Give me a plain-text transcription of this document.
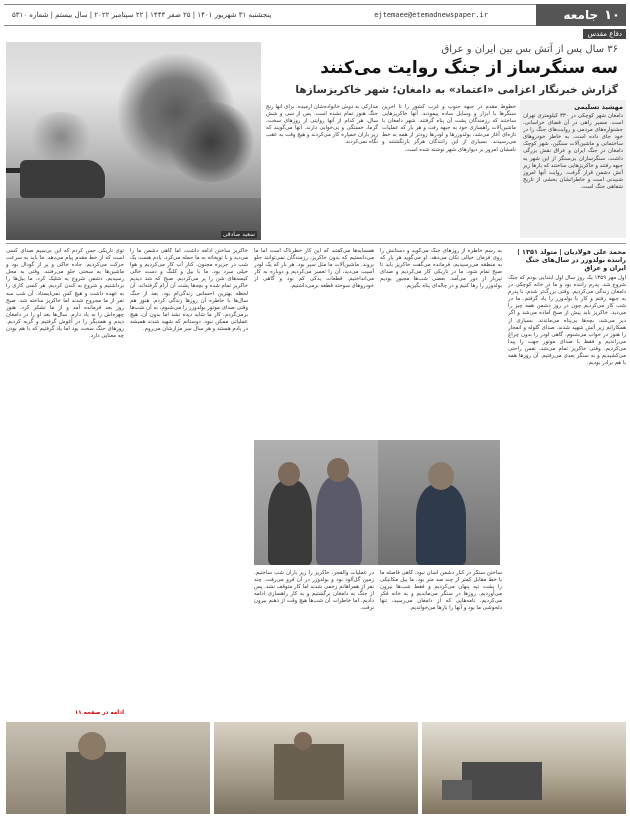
۱۰
جامعه
ejtemaee@etemadnewspaper.ir
پنجشنبه ۳۱ شهریور ۱۴۰۱ | ۲۵ صفر ۱۴۴۴ | ۲۲ سپتامبر ۲۰۲۲ | سال بیستم | شماره ۵۳۱۰
دفاع مقدس
سعید صادقی
۳۶ سال پس از آتش بس بین ایران و عراق
سه سنگرساز از جنگ روایت می‌کنند
گزارش خبرنگار اعزامی «اعتماد» به دامغان؛ شهر خاکریزسازها
مهشید تسلیمی
دامغان شهر کوچکی در ۳۳۰ کیلومتری تهران است. مسیر راهی در آن فضای خراسانی، جشنواره‌های مردمی و روایت‌های جنگ را در خود جای داده است. به خاطر خودروهای ساختمانی و ماشین‌آلات سنگین، شهر کوچک دامغان در جنگ ایران و عراق نقش بزرگی داشت. سنگرسازان بی‌سنگر از این شهر به جبهه رفتند و خاکریزهایی ساختند که بارها زیر آتش دشمن قرار گرفت. روایت آنها امروز شنیدنی است و خاطراتشان بخشی از تاریخ شفاهی جنگ است.
خطوط مقدم در جبهه جنوب و غرب کشور را تا آخرین سنگرها با ابزار و وسایل ساده پیمودند. آنها خاکریزهایی ساختند که رزمندگان پشت آن پناه گرفتند. شهر دامغان با ماشین‌آلات راهسازی خود به جبهه رفت و هر بار که عملیات تازه‌ای آغاز می‌شد، بولدوزرها و لودرها زودتر از همه به خط می‌رسیدند. بسیاری از این رانندگان هرگز بازنگشتند و نامشان امروز بر دیوارهای شهر نوشته شده است.
مدارکی به دوش خانواده‌شان آرمیده. برای آنها رنج جنگ هنوز تمام نشده است. پس از سی و شش سال، هر کدام از آنها روایتی از روزهای سخت، گرما، خستگی و بی‌خوابی دارند. آنها می‌گویند که زیر باران خمپاره کار می‌کردند و هیچ وقت به عقب نگاه نمی‌کردند.
محمد علی فولادیان | متولد ۱۳۵۱ | راننده بولدوزر در سال‌های جنگ ایران و عراق
اول مهر ۱۳۵۹ یک روز سال اول ابتدایی بودم که جنگ شروع شد. پدرم راننده بود و ما در خانه کوچکی در دامغان زندگی می‌کردیم. وقتی بزرگ‌تر شدم، با پدرم به جبهه رفتم و کار با بولدوزر را یاد گرفتم. ما در شب کار می‌کردیم چون در روز دشمن همه چیز را می‌دید. خاکریز باید پیش از صبح آماده می‌شد و اگر دیر می‌شد، بچه‌ها بی‌پناه می‌ماندند. بسیاری از همکارانم زیر آتش شهید شدند. صدای گلوله و انفجار را هنوز در خواب می‌شنوم. گاهی لودر را بدون چراغ می‌راندیم و فقط با صدای موتور جهت را پیدا می‌کردیم. وقتی خاکریز تمام می‌شد، نفس راحتی می‌کشیدیم و به سنگر بعدی می‌رفتیم. آن روزها همه با هم برادر بودیم.
به رسم خاطره از روزهای جنگ می‌گوید و دستانش را روی فرمان خیالی تکان می‌دهد. او می‌گوید هر بار که به منطقه می‌رسیدیم، فرمانده می‌گفت خاکریز باید تا صبح تمام شود. ما در تاریکی کار می‌کردیم و صدای تیربار از دور می‌آمد. بعضی شب‌ها مجبور بودیم بولدوزر را رها کنیم و در چاله‌ای پناه بگیریم.
همسایه‌ها می‌گفتند که این کار خطرناک است اما ما می‌دانستیم که بدون خاکریز، رزمندگان نمی‌توانند جلو بروند. ماشین‌آلات ما مثل سپر بود. هر بار که یک لودر آسیب می‌دید، آن را تعمیر می‌کردیم و دوباره به کار می‌انداختیم. قطعات یدکی کم بود و گاهی از خودروهای سوخته قطعه برمی‌داشتیم.
ساختن سنگر در کنار دشمن آسان نبود. گاهی فاصله ما با خط مقابل کمتر از چند صد متر بود. ما بیل مکانیکی را پشت تپه پنهان می‌کردیم و فقط شب‌ها بیرون می‌آوردیم. روزها در سنگر می‌ماندیم و به خانه فکر می‌کردیم. نامه‌هایی که از دامغان می‌رسید، تنها دلخوشی ما بود و آنها را بارها می‌خواندیم.
در عملیات والفجر، خاکریز را زیر باران شب ساختیم. زمین گل‌آلود بود و بولدوزر در آن فرو می‌رفت. چند نفر از همراهانم زخمی شدند اما کار متوقف نشد. پس از جنگ به دامغان برگشتیم و به کار راهسازی ادامه دادیم. اما خاطرات آن شب‌ها هیچ وقت از ذهنم بیرون نرفت.
خاکریز ساختن ادامه داشت، اما گاهی دشمن ما را می‌دید و با توپخانه به ما حمله می‌کرد. یادم هست یک شب در جزیره مجنون، کنار آب کار می‌کردیم و هوا خیلی سرد بود. ما با بیل و کلنگ و دست خالی کیسه‌های شن را پر می‌کردیم. صبح که شد دیدیم خاکریز تمام شده و بچه‌ها پشت آن آرام گرفته‌اند. آن لحظه بهترین احساس زندگی‌ام بود. بعد از جنگ سال‌ها با خاطره آن روزها زندگی کردم. هنوز هم وقتی صدای موتور بولدوزر را می‌شنوم، به آن شب‌ها برمی‌گردم. کار ما شاید دیده نشد اما بدون آن، هیچ عملیاتی ممکن نبود. دوستانم که شهید شدند همیشه در یادم هستند و هر سال سر مزارشان می‌روم.
توی تاریکی حس کردم که این بی‌سیم صدای کسی است که از خط مقدم پیام می‌دهد. ما باید به سرعت حرکت می‌کردیم. جاده خاکی و پر از گودال بود و ماشین‌ها به سختی جلو می‌رفتند. وقتی به محل رسیدیم، دشمن شروع به شلیک کرد. ما بیل‌ها را برداشتیم و شروع به کندن کردیم. هر کسی کاری را به عهده داشت و هیچ کس نمی‌ایستاد. آن شب سه نفر از ما مجروح شدند اما خاکریز ساخته شد. صبح روز بعد فرمانده آمد و از ما تشکر کرد. هنوز چهره‌اش را به یاد دارم. سال‌ها بعد او را در دامغان دیدم و همدیگر را در آغوش گرفتیم و گریه کردیم. روزهای جنگ سخت بود اما یاد گرفتیم که با هم بودن چه معنایی دارد.
ادامه در صفحه ۱۱
